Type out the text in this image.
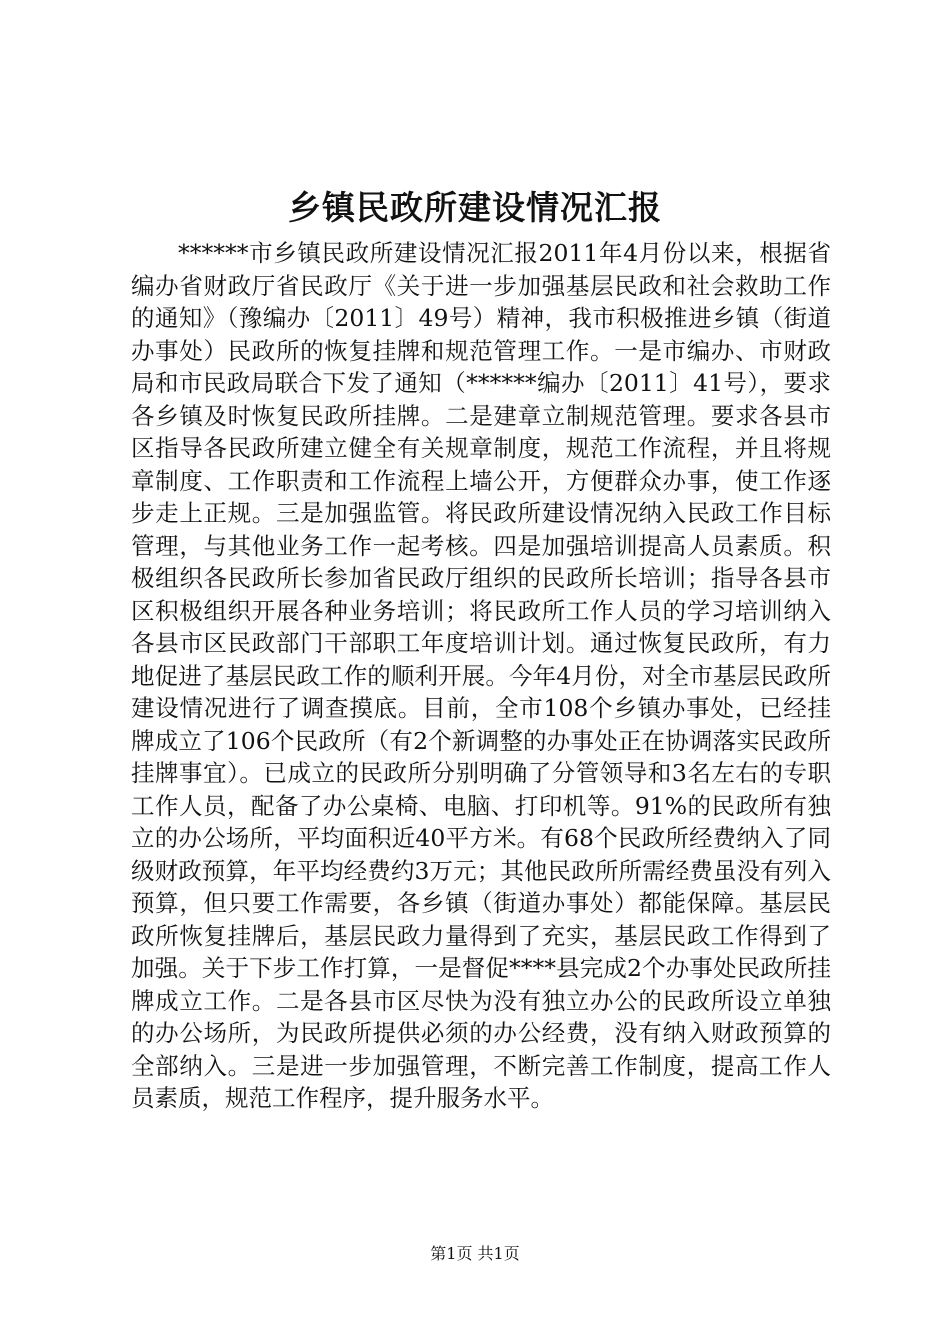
乡镇民政所建设情况汇报

******市乡镇民政所建设情况汇报2011年4月份以来，根据省编办省财政厅省民政厅《关于进一步加强基层民政和社会救助工作的通知》（豫编办〔2011〕49号）精神，我市积极推进乡镇（街道办事处）民政所的恢复挂牌和规范管理工作。一是市编办、市财政局和市民政局联合下发了通知（******编办〔2011〕41号），要求各乡镇及时恢复民政所挂牌。二是建章立制规范管理。要求各县市区指导各民政所建立健全有关规章制度，规范工作流程，并且将规章制度、工作职责和工作流程上墙公开，方便群众办事，使工作逐步走上正规。三是加强监管。将民政所建设情况纳入民政工作目标管理，与其他业务工作一起考核。四是加强培训提高人员素质。积极组织各民政所长参加省民政厅组织的民政所长培训；指导各县市区积极组织开展各种业务培训；将民政所工作人员的学习培训纳入各县市区民政部门干部职工年度培训计划。通过恢复民政所，有力地促进了基层民政工作的顺利开展。今年4月份，对全市基层民政所建设情况进行了调查摸底。目前，全市108个乡镇办事处，已经挂牌成立了106个民政所（有2个新调整的办事处正在协调落实民政所挂牌事宜）。已成立的民政所分别明确了分管领导和3名左右的专职工作人员，配备了办公桌椅、电脑、打印机等。91%的民政所有独立的办公场所，平均面积近40平方米。有68个民政所经费纳入了同级财政预算，年平均经费约3万元；其他民政所所需经费虽没有列入预算，但只要工作需要，各乡镇（街道办事处）都能保障。基层民政所恢复挂牌后，基层民政力量得到了充实，基层民政工作得到了加强。关于下步工作打算，一是督促****县完成2个办事处民政所挂牌成立工作。二是各县市区尽快为没有独立办公的民政所设立单独的办公场所，为民政所提供必须的办公经费，没有纳入财政预算的全部纳入。三是进一步加强管理，不断完善工作制度，提高工作人员素质，规范工作程序，提升服务水平。

第1页 共1页
